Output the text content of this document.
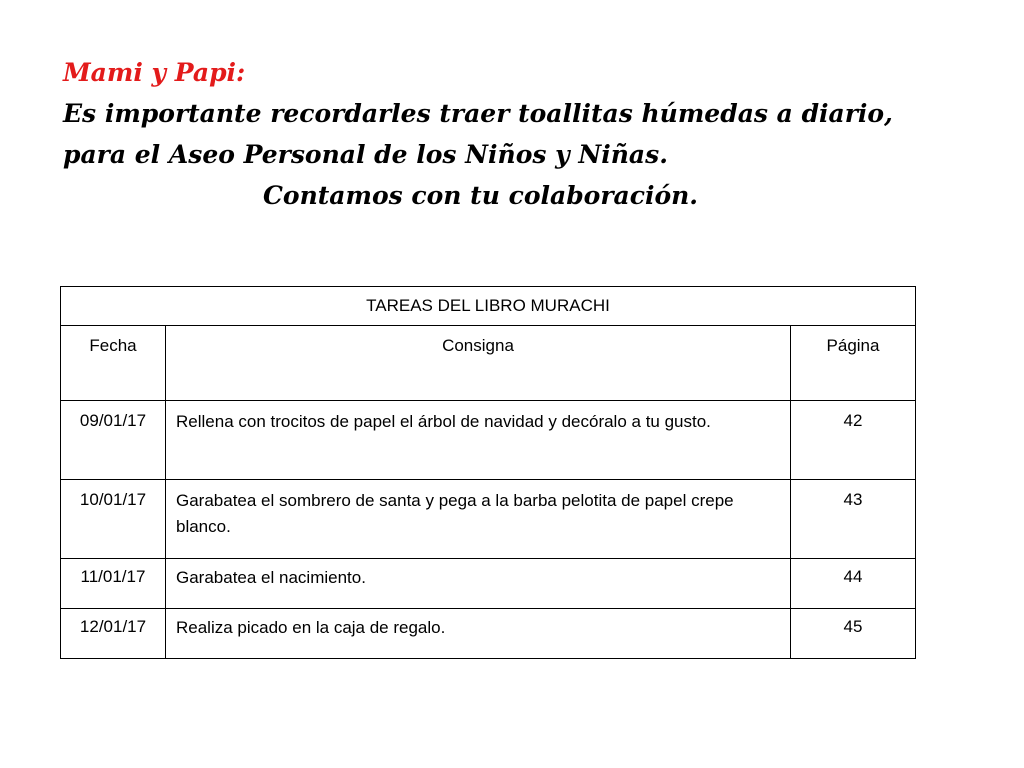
Mami y Papi:
Es importante recordarles traer toallitas húmedas a diario,
para el Aseo Personal de los Niños y Niñas.
Contamos con tu colaboración.
TAREAS DEL LIBRO MURACHI		
Fecha	Consigna	Página
09/01/17	Rellena con trocitos de papel el árbol de navidad y decóralo a tu gusto.	42
10/01/17	Garabatea el sombrero de santa y pega a la barba pelotita de papel crepe blanco.	43
11/01/17	Garabatea el nacimiento.	44
12/01/17	Realiza picado en la caja de regalo.	45
